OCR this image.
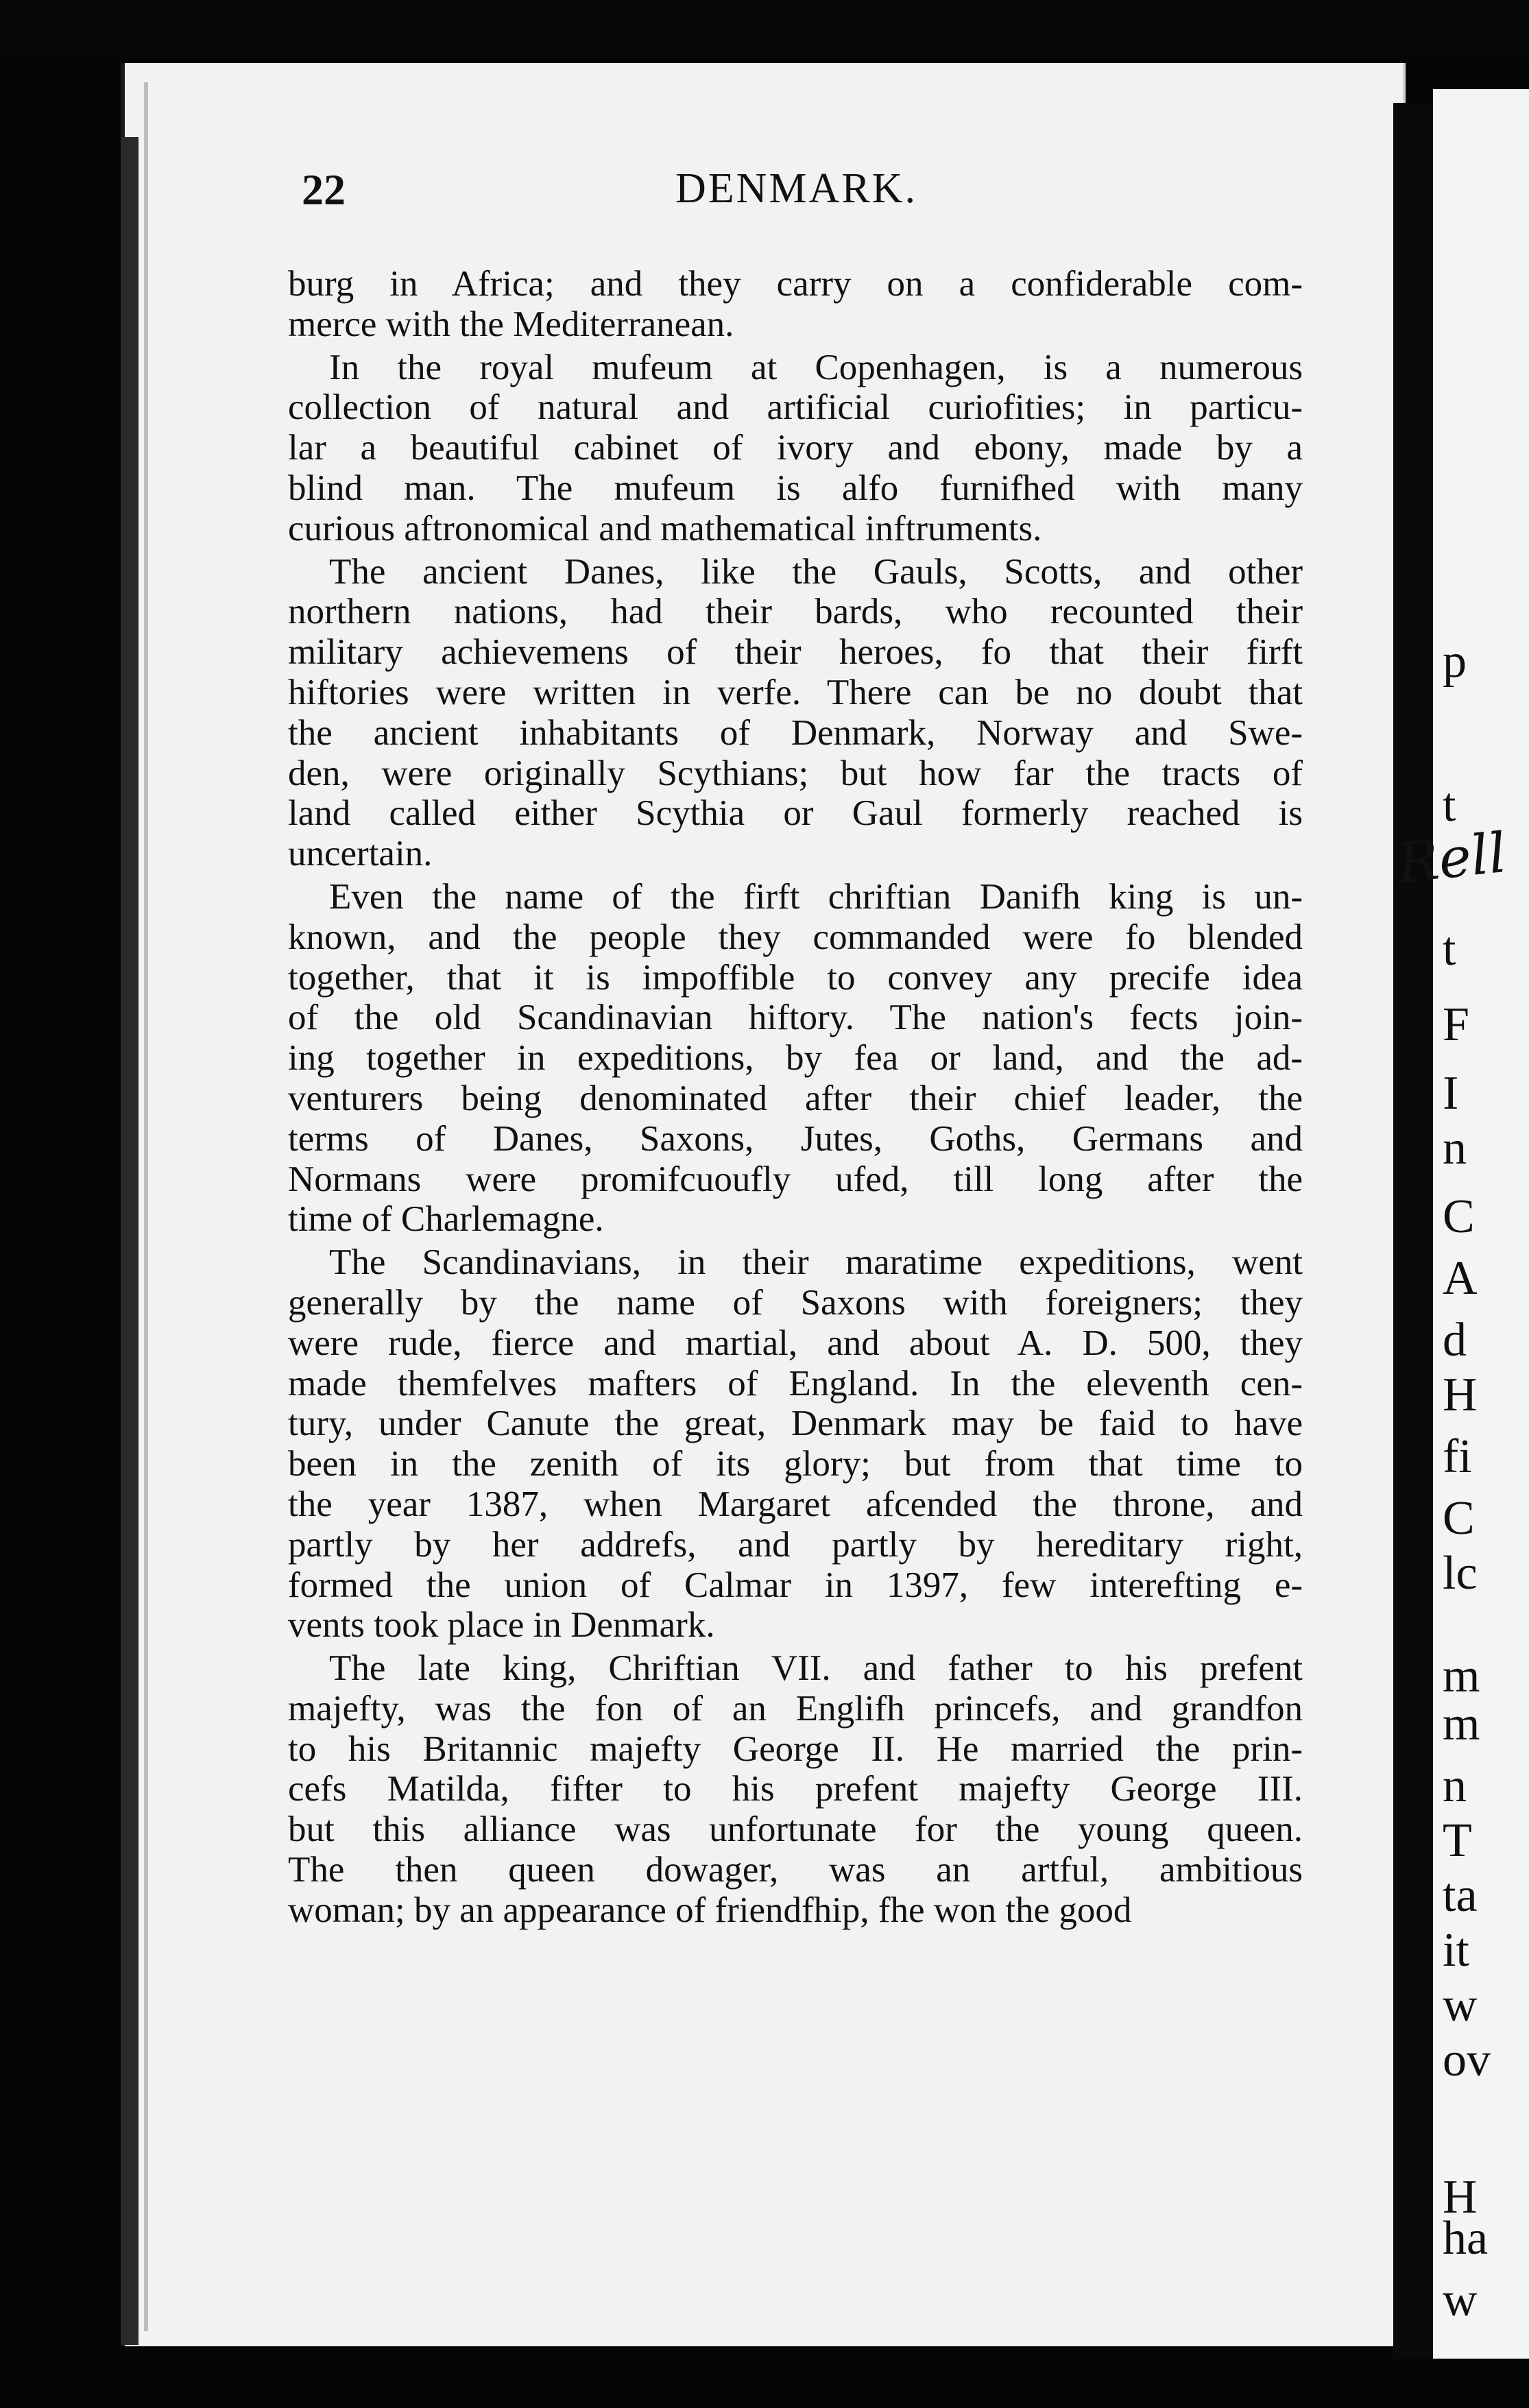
22	DENMARK.
burg in Africa; and they carry on a confiderable com-
merce with the Mediterranean.
In the royal mufeum at Copenhagen, is a numerous
collection of natural and artificial curiofities; in particu-
lar a beautiful cabinet of ivory and ebony, made by a
blind man. The mufeum is alfo furnifhed with many
curious aftronomical and mathematical inftruments.
The ancient Danes, like the Gauls, Scotts, and other
northern nations, had their bards, who recounted their
military achievemens of their heroes, fo that their firft
hiftories were written in verfe. There can be no doubt that
the ancient inhabitants of Denmark, Norway and Swe-
den, were originally Scythians; but how far the tracts of
land called either Scythia or Gaul formerly reached is
uncertain.
Even the name of the firft chriftian Danifh king is un-
known, and the people they commanded were fo blended
together, that it is impoffible to convey any precife idea
of the old Scandinavian hiftory. The nation's fects join-
ing together in expeditions, by fea or land, and the ad-
venturers being denominated after their chief leader, the
terms of Danes, Saxons, Jutes, Goths, Germans and
Normans were promifcuoufly ufed, till long after the
time of Charlemagne.
The Scandinavians, in their maratime expeditions, went
generally by the name of Saxons with foreigners; they
were rude, fierce and martial, and about A. D. 500, they
made themfelves mafters of England. In the eleventh cen-
tury, under Canute the great, Denmark may be faid to have
been in the zenith of its glory; but from that time to
the year 1387, when Margaret afcended the throne, and
partly by her addrefs, and partly by hereditary right,
formed the union of Calmar in 1397, few interefting e-
vents took place in Denmark.
The late king, Chriftian VII. and father to his prefent
majefty, was the fon of an Englifh princefs, and grandfon
to his Britannic majefty George II. He married the prin-
cefs Matilda, fifter to his prefent majefty George III.
but this alliance was unfortunate for the young queen.
The then queen dowager, was an artful, ambitious
woman; by an appearance of friendfhip, fhe won the good
p
t
t
F
I
n
C
A
d
H
fi
C
lc
m
m
n
T
ta
it
w
ov
H
ha
w
Rell
